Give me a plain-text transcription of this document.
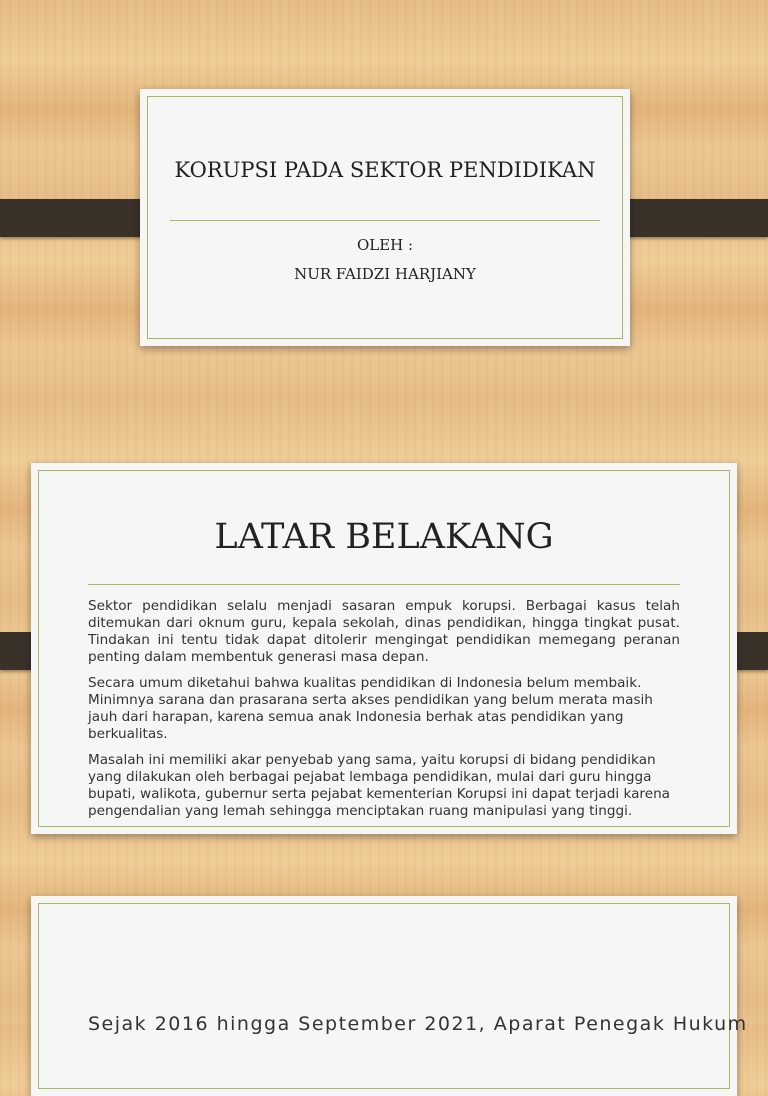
KORUPSI PADA SEKTOR PENDIDIKAN
OLEH :
NUR FAIDZI HARJIANY
LATAR BELAKANG

Sektor pendidikan selalu menjadi sasaran empuk korupsi. Berbagai kasus telah ditemukan dari oknum guru, kepala sekolah, dinas pendidikan, hingga tingkat pusat. Tindakan ini tentu tidak dapat ditolerir mengingat pendidikan memegang peranan penting dalam membentuk generasi masa depan.

Secara umum diketahui bahwa kualitas pendidikan di Indonesia belum membaik. Minimnya sarana dan prasarana serta akses pendidikan yang belum merata masih jauh dari harapan, karena semua anak Indonesia berhak atas pendidikan yang berkualitas.

Masalah ini memiliki akar penyebab yang sama, yaitu korupsi di bidang pendidikan yang dilakukan oleh berbagai pejabat lembaga pendidikan, mulai dari guru hingga bupati, walikota, gubernur serta pejabat kementerian Korupsi ini dapat terjadi karena pengendalian yang lemah sehingga menciptakan ruang manipulasi yang tinggi.

Sejak 2016 hingga September 2021, Aparat Penegak Hukum
